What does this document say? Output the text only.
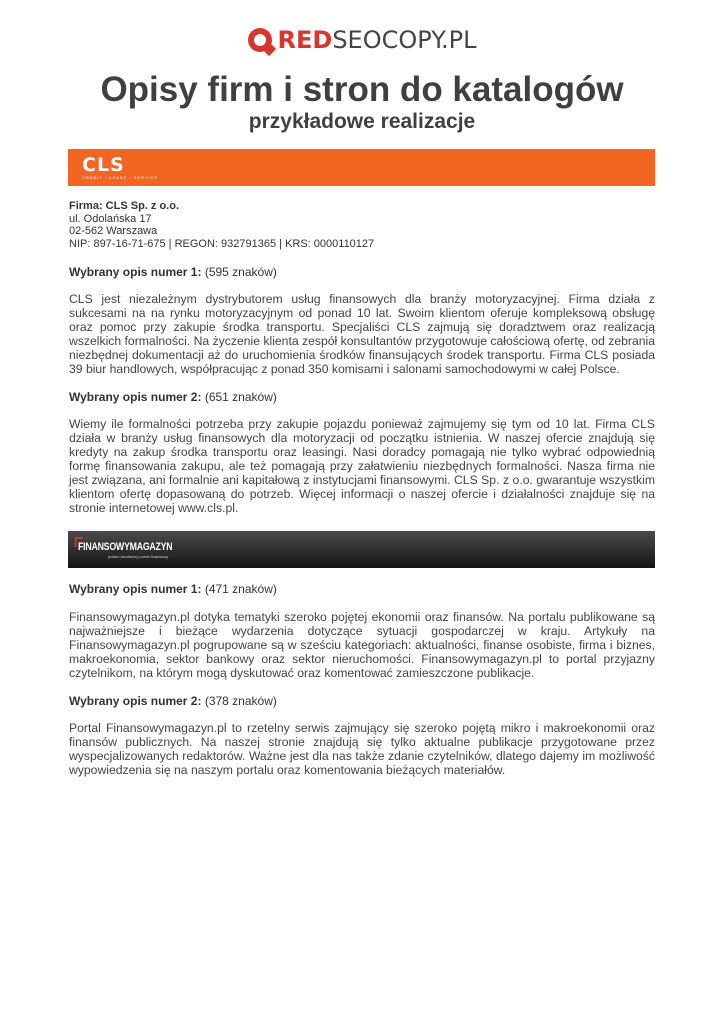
REDSEOCOPY.PL
Opisy firm i stron do katalogów
przykładowe realizacje
CLS
CREDIT · LEASE · SERVICE
Firma: CLS Sp. z o.o.
ul. Odolańska 17
02-562 Warszawa
NIP: 897-16-71-675 | REGON: 932791365 | KRS: 0000110127
Wybrany opis numer 1: (595 znaków)

CLS jest niezależnym dystrybutorem usług finansowych dla branży motoryzacyjnej. Firma działa z sukcesami na na rynku motoryzacyjnym od ponad 10 lat. Swoim klientom oferuje kompleksową obsługę oraz pomoc przy zakupie środka transportu. Specjaliści CLS zajmują się doradztwem oraz realizacją wszelkich formalności. Na życzenie klienta zespół konsultantów przygotowuje całościową ofertę, od zebrania niezbędnej dokumentacji aż do uruchomienia środków finansujących środek transportu. Firma CLS posiada 39 biur handlowych, współpracując z ponad 350 komisami i salonami samochodowymi w całej Polsce.

Wybrany opis numer 2: (651 znaków)

Wiemy ile formalności potrzeba przy zakupie pojazdu ponieważ zajmujemy się tym od 10 lat. Firma CLS działa w branży usług finansowych dla motoryzacji od początku istnienia. W naszej ofercie znajdują się kredyty na zakup środka transportu oraz leasingi. Nasi doradcy pomagają nie tylko wybrać odpowiednią formę finansowania zakupu, ale też pomagają przy załatwieniu niezbędnych formalności. Nasza firma nie jest związana, ani formalnie ani kapitałową z instytucjami finansowymi. CLS Sp. z o.o. gwarantuje wszystkim klientom ofertę dopasowaną do potrzeb. Więcej informacji o naszej ofercie i działalności znajduje się na stronie internetowej www.cls.pl.

FINANSOWYMAGAZYN
polski niezależny portal finansowy
Wybrany opis numer 1: (471 znaków)

Finansowymagazyn.pl dotyka tematyki szeroko pojętej ekonomii oraz finansów. Na portalu publikowane są najważniejsze i bieżące wydarzenia dotyczące sytuacji gospodarczej w kraju. Artykuły na Finansowymagazyn.pl pogrupowane są w sześciu kategoriach: aktualności, finanse osobiste, firma i biznes, makroekonomia, sektor bankowy oraz sektor nieruchomości. Finansowymagazyn.pl to portal przyjazny czytelnikom, na którym mogą dyskutować oraz komentować zamieszczone publikacje.

Wybrany opis numer 2: (378 znaków)

Portal Finansowymagazyn.pl to rzetelny serwis zajmujący się szeroko pojętą mikro i makroekonomii oraz finansów publicznych. Na naszej stronie znajdują się tylko aktualne publikacje przygotowane przez wyspecjalizowanych redaktorów. Ważne jest dla nas także zdanie czytelników, dlatego dajemy im możliwość wypowiedzenia się na naszym portalu oraz komentowania bieżących materiałów.
